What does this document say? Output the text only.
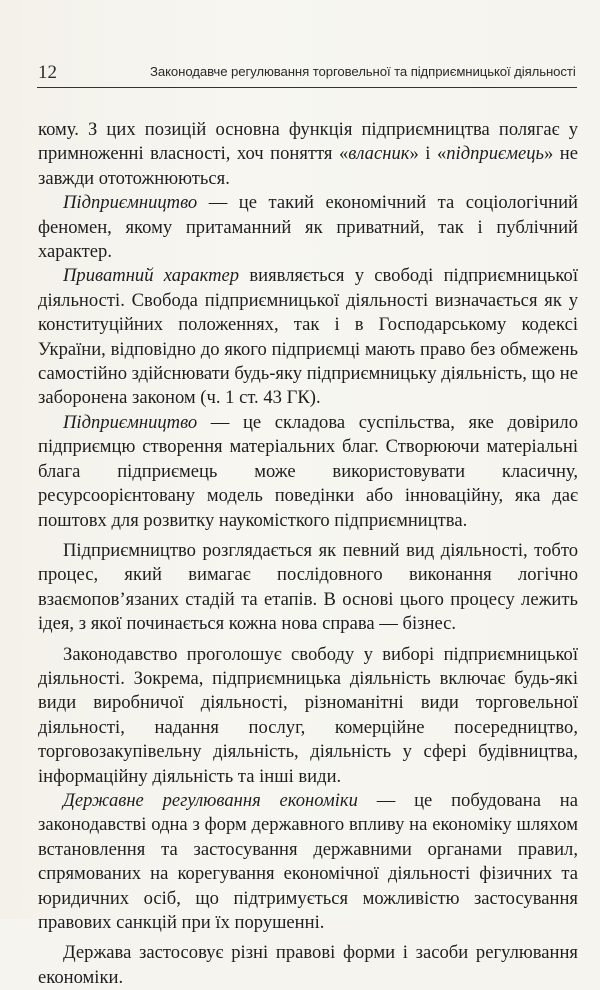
12	Законодавче регулювання торговельної та підприємницької діяльності

кому. З цих позицій основна функція підприємництва полягає у примноженні власності, хоч поняття «власник» і «підприємець» не завжди ототожнюються.

Підприємництво — це такий економічний та соціологічний феномен, якому притаманний як приватний, так і публічний характер.

Приватний характер виявляється у свободі підприємницької діяльності. Свобода підприємницької діяльності визначається як у конституційних положеннях, так і в Господарському кодексі України, відповідно до якого підприємці мають право без обмежень самостійно здійснювати будь-яку підприємницьку діяльність, що не заборонена законом (ч. 1 ст. 43 ГК).

Підприємництво — це складова суспільства, яке довірило підприємцю створення матеріальних благ. Створюючи матеріальні блага підприємець може використовувати класичну, ресурсоорієнтовану модель поведінки або інноваційну, яка дає поштовх для розвитку наукомісткого підприємництва.

Підприємництво розглядається як певний вид діяльності, тобто процес, який вимагає послідовного виконання логічно взаємопов’язаних стадій та етапів. В основі цього процесу лежить ідея, з якої починається кожна нова справа — бізнес.

Законодавство проголошує свободу у виборі підприємницької діяльності. Зокрема, підприємницька діяльність включає будь-які види виробничої діяльності, різноманітні види торговельної діяльності, надання послуг, комерційне посередництво, торговозакупівельну діяльність, діяльність у сфері будівництва, інформаційну діяльність та інші види.

Державне регулювання економіки — це побудована на законодавстві одна з форм державного впливу на економіку шляхом встановлення та застосування державними органами правил, спрямованих на корегування економічної діяльності фізичних та юридичних осіб, що підтримується можливістю застосування правових санкцій при їх порушенні.

Держава застосовує різні правові форми і засоби регулювання економіки.
